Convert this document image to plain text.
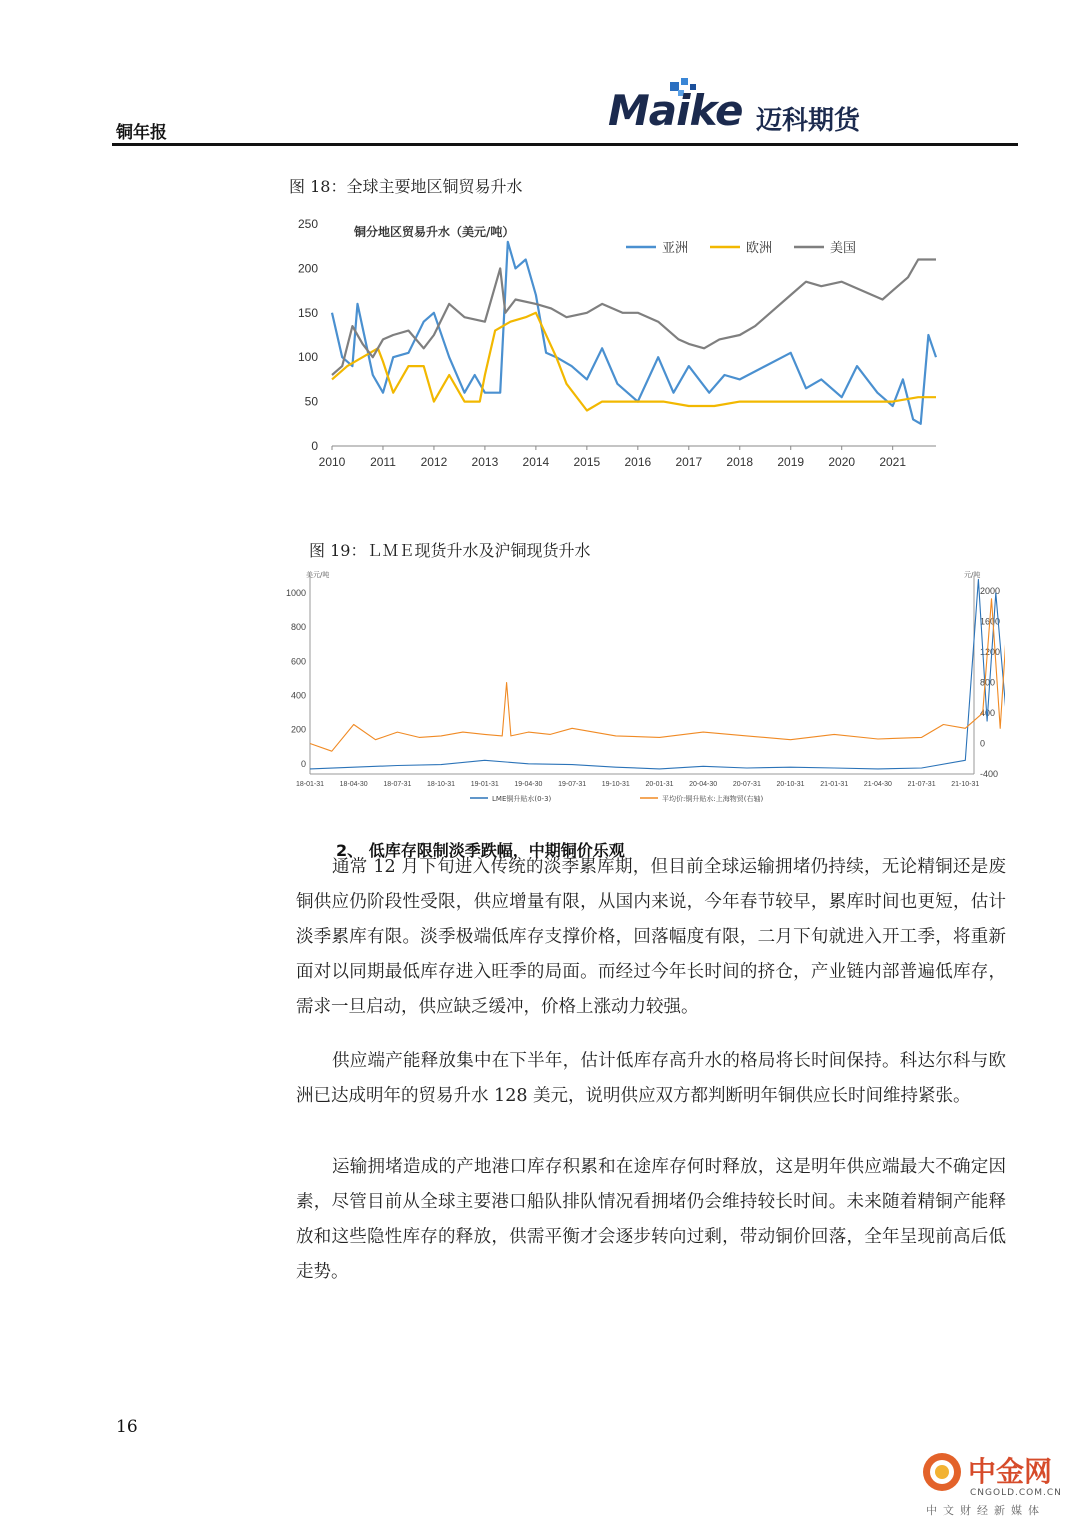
铜年报	Maike 迈科期货
图 18：全球主要地区铜贸易升水
0
50
100
150
200
250
2010 2011 2012 2013 2014 2015 2016 2017 2018 2019 2020 2021
铜分地区贸易升水（美元/吨）
亚洲	欧洲	美国
图 19：ＬＭＥ现货升水及沪铜现货升水
美元/吨	元/吨
0
200
400
600
800
1000
-400
0
400
800
1200
1600
2000
18-01-31 18-04-30 18-07-31 18-10-31 19-01-31 19-04-30 19-07-31 19-10-31 20-01-31 20-04-30 20-07-31 20-10-31 21-01-31 21-04-30 21-07-31 21-10-31
LME铜升贴水(0-3)	平均价:铜升贴水:上海物贸(右轴)
2、 低库存限制淡季跌幅，中期铜价乐观

通常 12 月下旬进入传统的淡季累库期，但目前全球运输拥堵仍持续，无论精铜还是废铜供应仍阶段性受限，供应增量有限，从国内来说，今年春节较早，累库时间也更短，估计淡季累库有限。淡季极端低库存支撑价格，回落幅度有限，二月下旬就进入开工季，将重新面对以同期最低库存进入旺季的局面。而经过今年长时间的挤仓，产业链内部普遍低库存，需求一旦启动，供应缺乏缓冲，价格上涨动力较强。

供应端产能释放集中在下半年，估计低库存高升水的格局将长时间保持。科达尔科与欧洲已达成明年的贸易升水 128 美元，说明供应双方都判断明年铜供应长时间维持紧张。

运输拥堵造成的产地港口库存积累和在途库存何时释放，这是明年供应端最大不确定因素，尽管目前从全球主要港口船队排队情况看拥堵仍会维持较长时间。未来随着精铜产能释放和这些隐性库存的释放，供需平衡才会逐步转向过剩，带动铜价回落，全年呈现前高后低走势。

16
中金网
CNGOLD.COM.CN
中文财经新媒体
